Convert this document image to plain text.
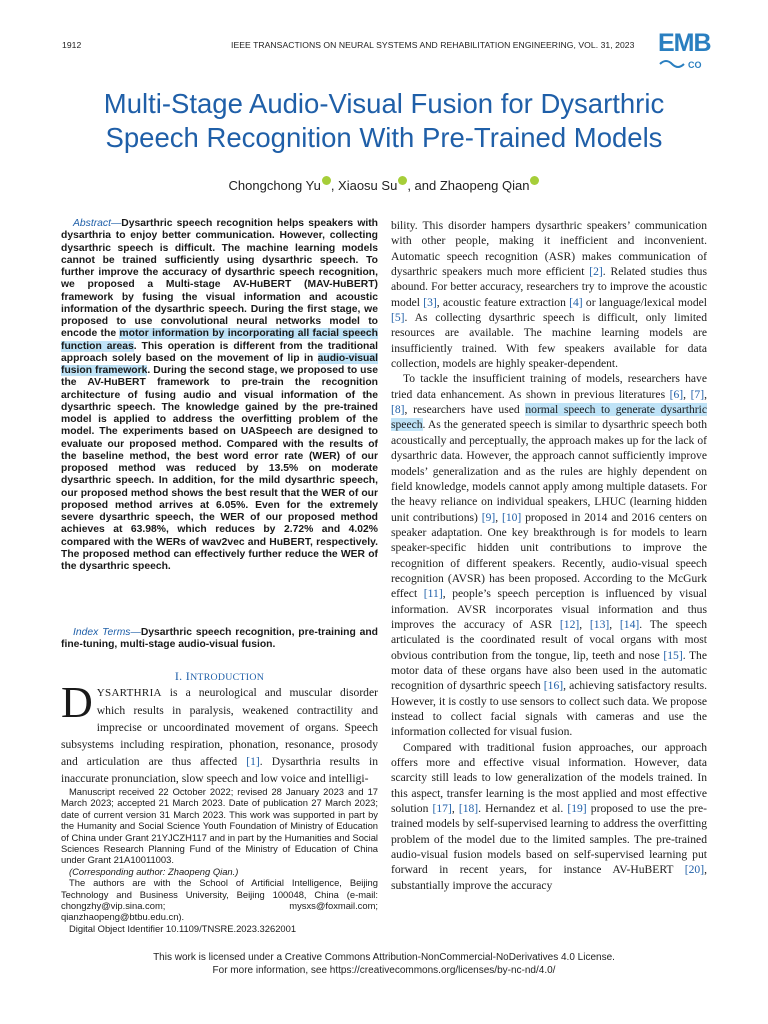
1912	IEEE TRANSACTIONS ON NEURAL SYSTEMS AND REHABILITATION ENGINEERING, VOL. 31, 2023 EMB
CO
Multi-Stage Audio-Visual Fusion for Dysarthric
Speech Recognition With Pre-Trained Models
Chongchong Yu , Xiaosu Su , and Zhaopeng Qian
Abstract—Dysarthric speech recognition helps speakers with dysarthria to enjoy better communication. However, collecting dysarthric speech is difficult. The machine learning models cannot be trained sufficiently using dysarthric speech. To further improve the accuracy of dysarthric speech recognition, we proposed a Multi-stage AV-HuBERT (MAV-HuBERT) framework by fusing the visual information and acoustic information of the dysarthric speech. During the first stage, we proposed to use convolutional neural networks model to encode the motor information by incorporating all facial speech function areas. This operation is different from the traditional approach solely based on the movement of lip in audio-visual fusion framework. During the second stage, we proposed to use the AV-HuBERT framework to pre-train the recognition architecture of fusing audio and visual information of the dysarthric speech. The knowledge gained by the pre-trained model is applied to address the overfitting problem of the model. The experiments based on UASpeech are designed to evaluate our proposed method. Compared with the results of the baseline method, the best word error rate (WER) of our proposed method was reduced by 13.5% on moderate dysarthric speech. In addition, for the mild dysarthric speech, our proposed method shows the best result that the WER of our proposed method arrives at 6.05%. Even for the extremely severe dysarthric speech, the WER of our proposed method achieves at 63.98%, which reduces by 2.72% and 4.02% compared with the WERs of wav2vec and HuBERT, respectively. The proposed method can effectively further reduce the WER of the dysarthric speech.
Index Terms—Dysarthric speech recognition, pre-training and fine-tuning, multi-stage audio-visual fusion.
I. INTRODUCTION
DYSARTHRIA is a neurological and muscular disorder which results in paralysis, weakened contractility and imprecise or uncoordinated movement of organs. Speech subsystems including respiration, phonation, resonance, prosody and articulation are thus affected [1]. Dysarthria results in inaccurate pronunciation, slow speech and low voice and intelligi-

Manuscript received 22 October 2022; revised 28 January 2023 and 17 March 2023; accepted 21 March 2023. Date of publication 27 March 2023; date of current version 31 March 2023. This work was supported in part by the Humanity and Social Science Youth Foundation of Ministry of Education of China under Grant 21YJCZH117 and in part by the Humanities and Social Sciences Research Planning Fund of the Ministry of Education of China under Grant 21A10011003.

(Corresponding author: Zhaopeng Qian.)

The authors are with the School of Artificial Intelligence, Beijing Technology and Business University, Beijing 100048, China (e-mail: chongzhy@vip.sina.com; mysxs@foxmail.com; qianzhaopeng@btbu.edu.cn).

Digital Object Identifier 10.1109/TNSRE.2023.3262001

bility. This disorder hampers dysarthric speakers’ communication with other people, making it inefficient and inconvenient. Automatic speech recognition (ASR) makes communication of dysarthric speakers much more efficient [2]. Related studies thus abound. For better accuracy, researchers try to improve the acoustic model [3], acoustic feature extraction [4] or language/lexical model [5]. As collecting dysarthric speech is difficult, only limited resources are available. The machine learning models are insufficiently trained. With few speakers available for data collection, models are highly speaker-dependent.

To tackle the insufficient training of models, researchers have tried data enhancement. As shown in previous literatures [6], [7], [8], researchers have used normal speech to generate dysarthric speech. As the generated speech is similar to dysarthric speech both acoustically and perceptually, the approach makes up for the lack of dysarthric data. However, the approach cannot sufficiently improve models’ generalization and as the rules are highly dependent on field knowledge, models cannot apply among multiple datasets. For the heavy reliance on individual speakers, LHUC (learning hidden unit contributions) [9], [10] proposed in 2014 and 2016 centers on speaker adaptation. One key breakthrough is for models to learn speaker-specific hidden unit contributions to improve the recognition of different speakers. Recently, audio-visual speech recognition (AVSR) has been proposed. According to the McGurk effect [11], people’s speech perception is influenced by visual information. AVSR incorporates visual information and thus improves the accuracy of ASR [12], [13], [14]. The speech articulated is the coordinated result of vocal organs with most obvious contribution from the tongue, lip, teeth and nose [15]. The motor data of these organs have also been used in the automatic recognition of dysarthric speech [16], achieving satisfactory results. However, it is costly to use sensors to collect such data. We propose instead to collect facial signals with cameras and use the information collected for visual fusion.

Compared with traditional fusion approaches, our approach offers more and effective visual information. However, data scarcity still leads to low generalization of the models trained. In this aspect, transfer learning is the most applied and most effective solution [17], [18]. Hernandez et al. [19] proposed to use the pre-trained models by self-supervised learning to address the overfitting problem of the model due to the limited samples. The pre-trained audio-visual fusion models based on self-supervised learning put forward in recent years, for instance AV-HuBERT [20], substantially improve the accuracy

This work is licensed under a Creative Commons Attribution-NonCommercial-NoDerivatives 4.0 License.
For more information, see https://creativecommons.org/licenses/by-nc-nd/4.0/
